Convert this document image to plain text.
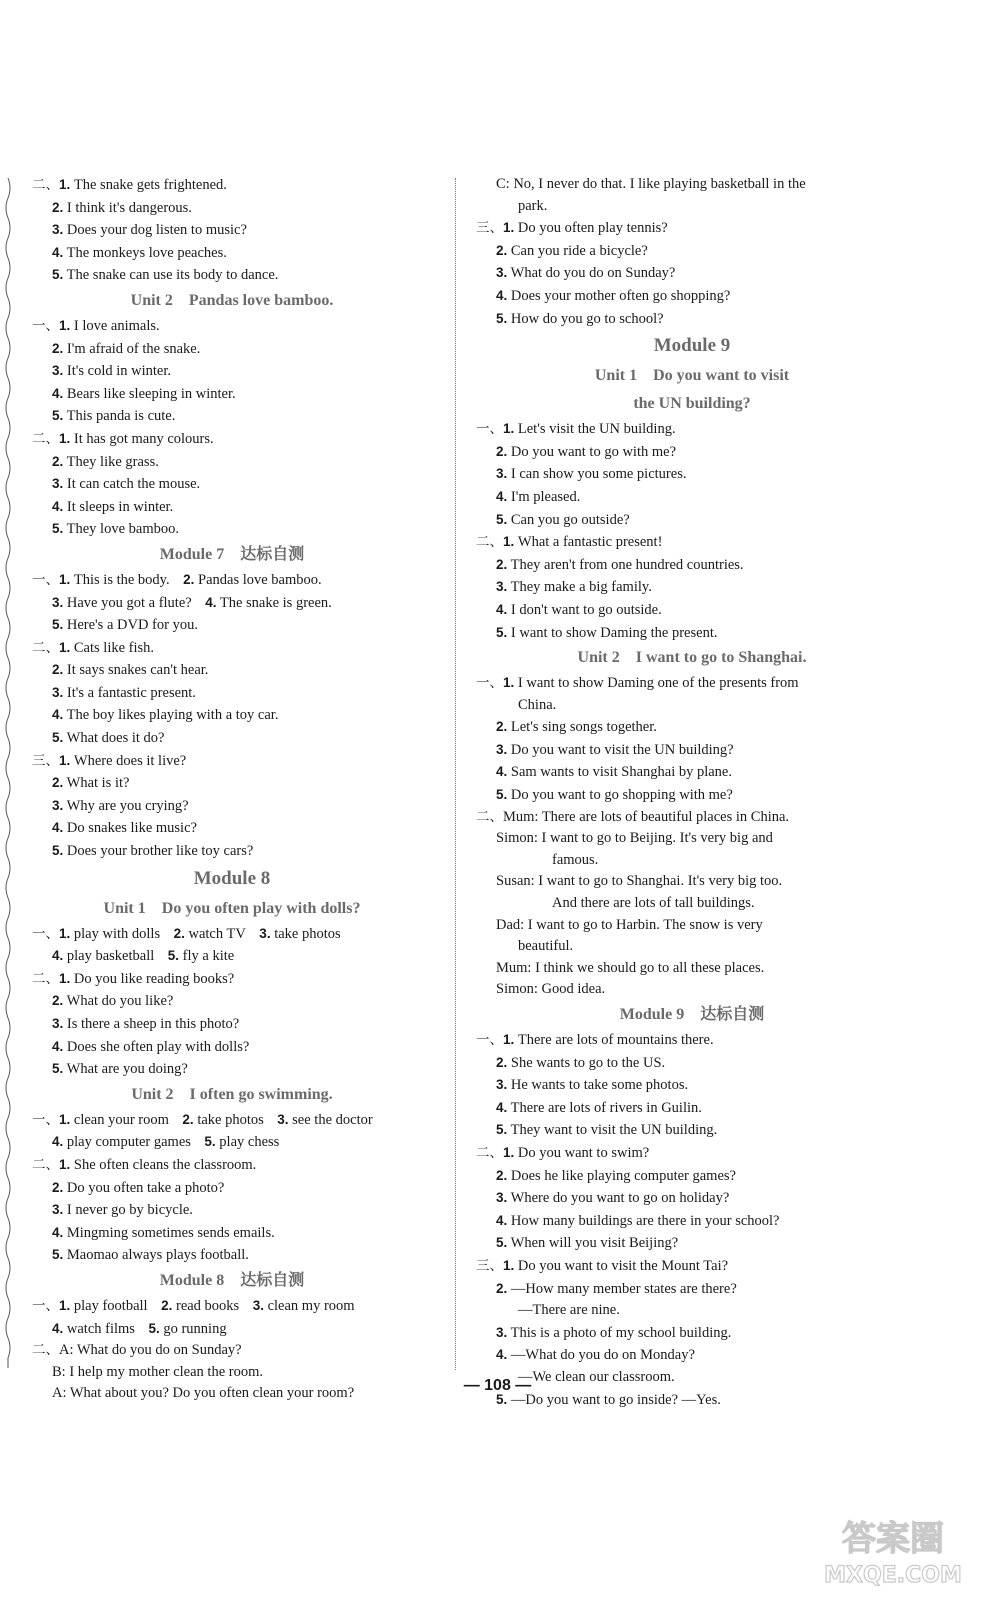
二、1. The snake gets frightened.
2. I think it's dangerous.
3. Does your dog listen to music?
4. The monkeys love peaches.
5. The snake can use its body to dance.
Unit 2　Pandas love bamboo.
一、1. I love animals.
2. I'm afraid of the snake.
3. It's cold in winter.
4. Bears like sleeping in winter.
5. This panda is cute.
二、1. It has got many colours.
2. They like grass.
3. It can catch the mouse.
4. It sleeps in winter.
5. They love bamboo.
Module 7　达标自测
一、1. This is the body.　2. Pandas love bamboo.
3. Have you got a flute?　4. The snake is green.
5. Here's a DVD for you.
二、1. Cats like fish.
2. It says snakes can't hear.
3. It's a fantastic present.
4. The boy likes playing with a toy car.
5. What does it do?
三、1. Where does it live?
2. What is it?
3. Why are you crying?
4. Do snakes like music?
5. Does your brother like toy cars?
Module 8
Unit 1　Do you often play with dolls?
一、1. play with dolls　2. watch TV　3. take photos
4. play basketball　5. fly a kite
二、1. Do you like reading books?
2. What do you like?
3. Is there a sheep in this photo?
4. Does she often play with dolls?
5. What are you doing?
Unit 2　I often go swimming.
一、1. clean your room　2. take photos　3. see the doctor
4. play computer games　5. play chess
二、1. She often cleans the classroom.
2. Do you often take a photo?
3. I never go by bicycle.
4. Mingming sometimes sends emails.
5. Maomao always plays football.
Module 8　达标自测
一、1. play football　2. read books　3. clean my room
4. watch films　5. go running
二、A: What do you do on Sunday?
B: I help my mother clean the room.
A: What about you? Do you often clean your room?
C: No, I never do that. I like playing basketball in the
park.
三、1. Do you often play tennis?
2. Can you ride a bicycle?
3. What do you do on Sunday?
4. Does your mother often go shopping?
5. How do you go to school?
Module 9
Unit 1　Do you want to visit
the UN building?
一、1. Let's visit the UN building.
2. Do you want to go with me?
3. I can show you some pictures.
4. I'm pleased.
5. Can you go outside?
二、1. What a fantastic present!
2. They aren't from one hundred countries.
3. They make a big family.
4. I don't want to go outside.
5. I want to show Daming the present.
Unit 2　I want to go to Shanghai.
一、1. I want to show Daming one of the presents from
China.
2. Let's sing songs together.
3. Do you want to visit the UN building?
4. Sam wants to visit Shanghai by plane.
5. Do you want to go shopping with me?
二、Mum: There are lots of beautiful places in China.
Simon: I want to go to Beijing. It's very big and
famous.
Susan: I want to go to Shanghai. It's very big too.
And there are lots of tall buildings.
Dad: I want to go to Harbin. The snow is very
beautiful.
Mum: I think we should go to all these places.
Simon: Good idea.
Module 9　达标自测
一、1. There are lots of mountains there.
2. She wants to go to the US.
3. He wants to take some photos.
4. There are lots of rivers in Guilin.
5. They want to visit the UN building.
二、1. Do you want to swim?
2. Does he like playing computer games?
3. Where do you want to go on holiday?
4. How many buildings are there in your school?
5. When will you visit Beijing?
三、1. Do you want to visit the Mount Tai?
2. —How many member states are there?
—There are nine.
3. This is a photo of my school building.
4. —What do you do on Monday?
—We clean our classroom.
5. —Do you want to go inside? —Yes.
— 108 —
答案圈
MXQE.COM
